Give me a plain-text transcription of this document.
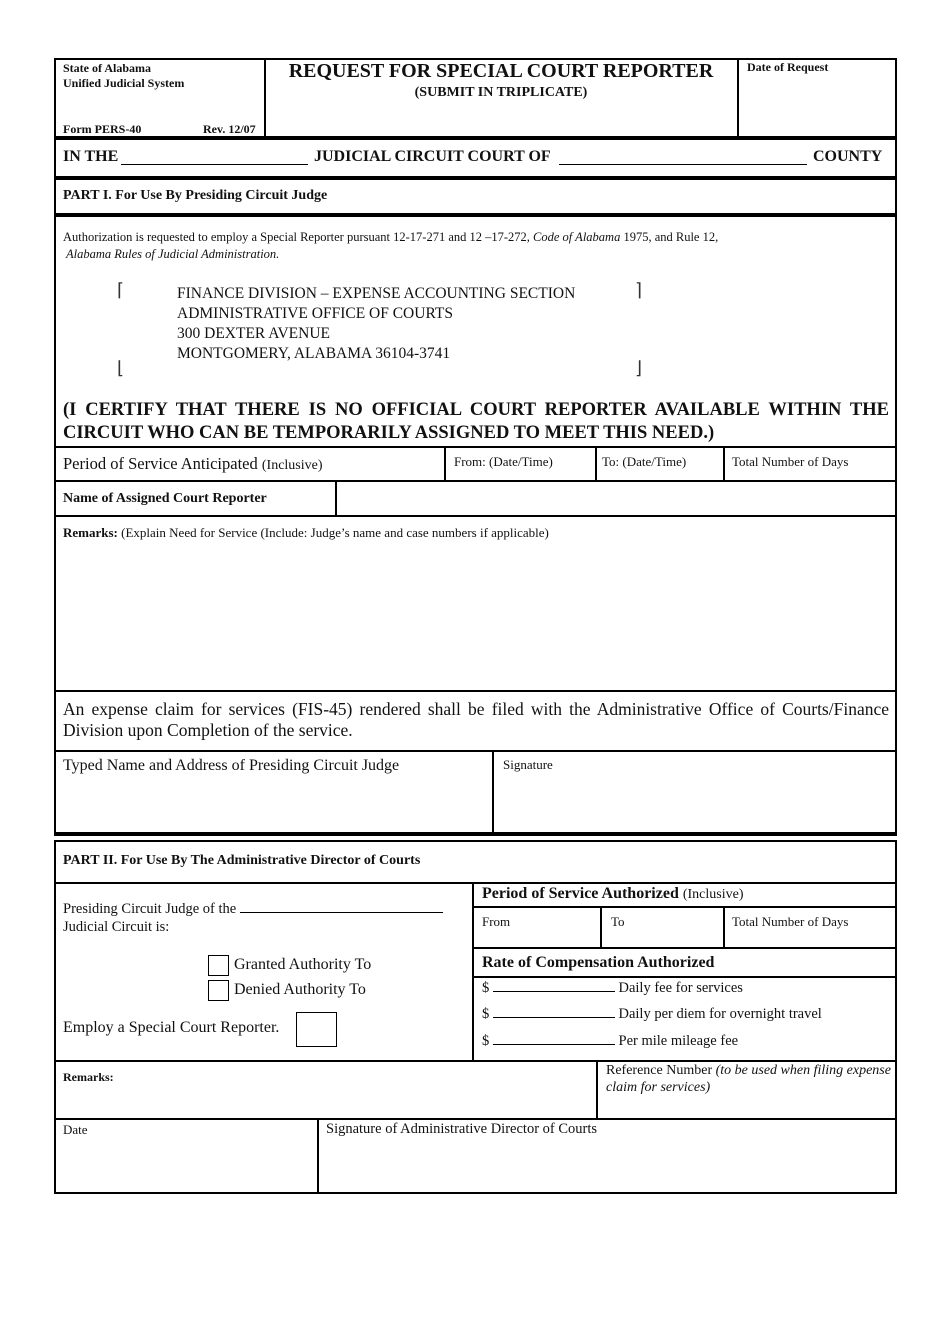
State of Alabama
Unified Judicial System
Form PERS-40	Rev. 12/07
REQUEST FOR SPECIAL COURT REPORTER
(SUBMIT IN TRIPLICATE)
Date of Request
IN THE	JUDICIAL CIRCUIT COURT OF	COUNTY
PART I. For Use By Presiding Circuit Judge
Authorization is requested to employ a Special Reporter pursuant 12-17-271 and 12 –17-272, Code of Alabama 1975, and Rule 12,
Alabama Rules of Judicial Administration.
⌈	⌉
⌊	⌋
FINANCE DIVISION – EXPENSE ACCOUNTING SECTION
ADMINISTRATIVE OFFICE OF COURTS
300 DEXTER AVENUE
MONTGOMERY, ALABAMA 36104-3741
(I CERTIFY THAT THERE IS NO OFFICIAL COURT REPORTER AVAILABLE WITHIN THE CIRCUIT WHO CAN BE TEMPORARILY ASSIGNED TO MEET THIS NEED.)
Period of Service Anticipated (Inclusive)	From: (Date/Time)	To: (Date/Time)	Total Number of Days
Name of Assigned Court Reporter
Remarks: (Explain Need for Service (Include: Judge’s name and case numbers if applicable)
An expense claim for services (FIS-45) rendered shall be filed with the Administrative Office of Courts/Finance Division upon Completion of the service.
Typed Name and Address of Presiding Circuit Judge	Signature
PART II. For Use By The Administrative Director of Courts
Presiding Circuit Judge of the
Judicial Circuit is:
Granted Authority To
Denied Authority To
Employ a Special Court Reporter.
Period of Service Authorized (Inclusive)
From	To	Total Number of Days
Rate of Compensation Authorized
$	Daily fee for services
$	Daily per diem for overnight travel
$	Per mile mileage fee
Remarks:	Reference Number (to be used when filing expense claim for services)
Date	Signature of Administrative Director of Courts
